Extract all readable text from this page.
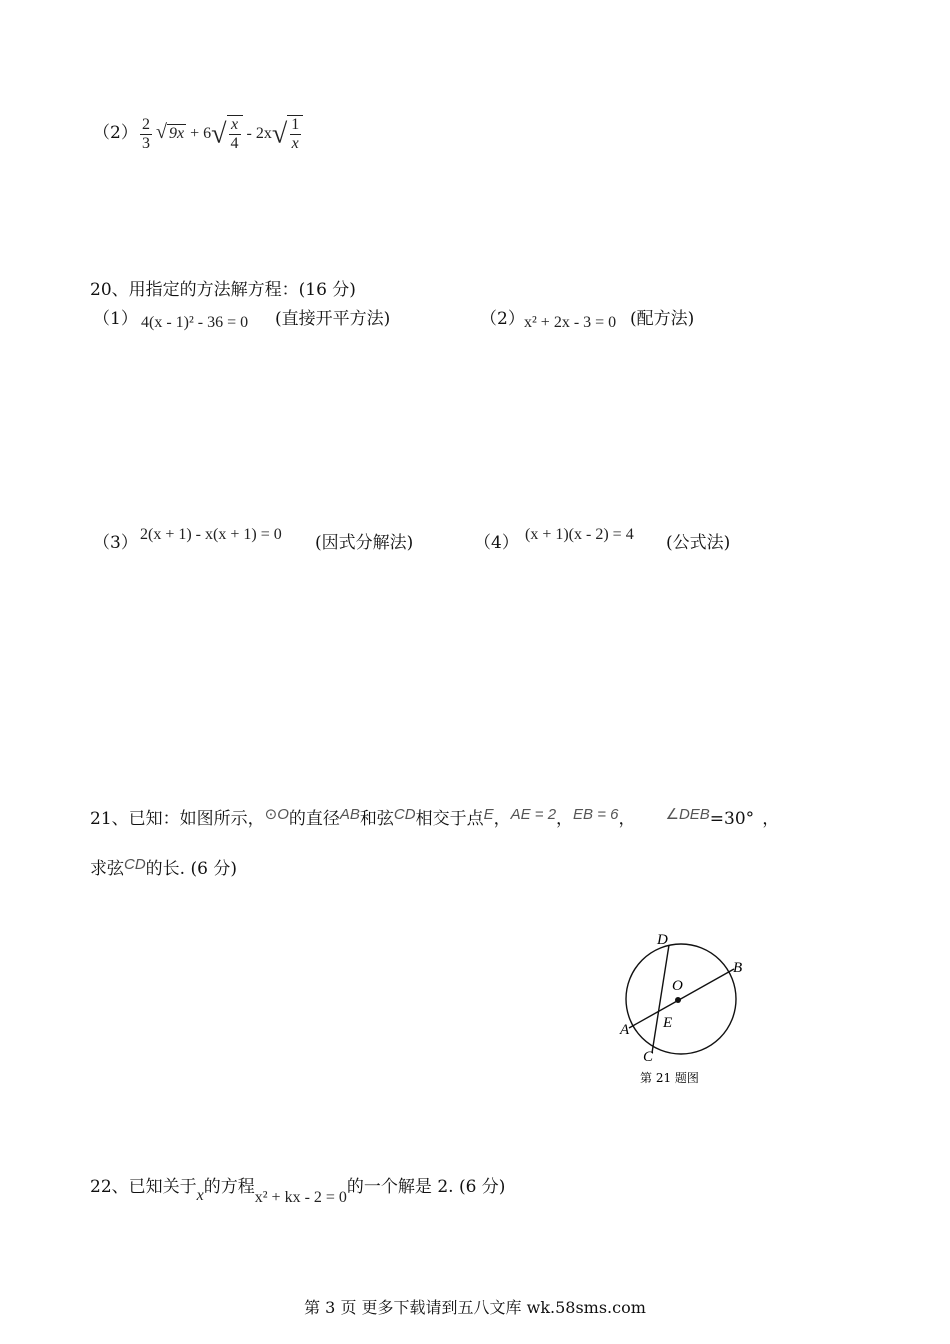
$(2) \frac{2}{3}$ √ $9x + 6√ \frac{x}{4} - 2x√ \frac{1}{x}$
20、用指定的方法解方程：(16 分)
（1） 4(x - 1)² - 36 = 0 (直接开平方法)	（2） x² + 2x - 3 = 0 (配方法)
（3） 2(x + 1) - x(x + 1) = 0 (因式分解法)	（4） (x + 1)(x - 2) = 4 (公式法)
21、已知：如图所示，⊙O的直径AB和弦CD相交于点E，AE = 2，EB = 6， ∠DEB=30° ，
求弦CD的长. (6 分)
D
B
O
A E
C
第 21 题图
22、已知关于x的方程x² + kx - 2 = 0的一个解是 2. (6 分)
第 3 页 更多下载请到五八文库 wk.58sms.com
